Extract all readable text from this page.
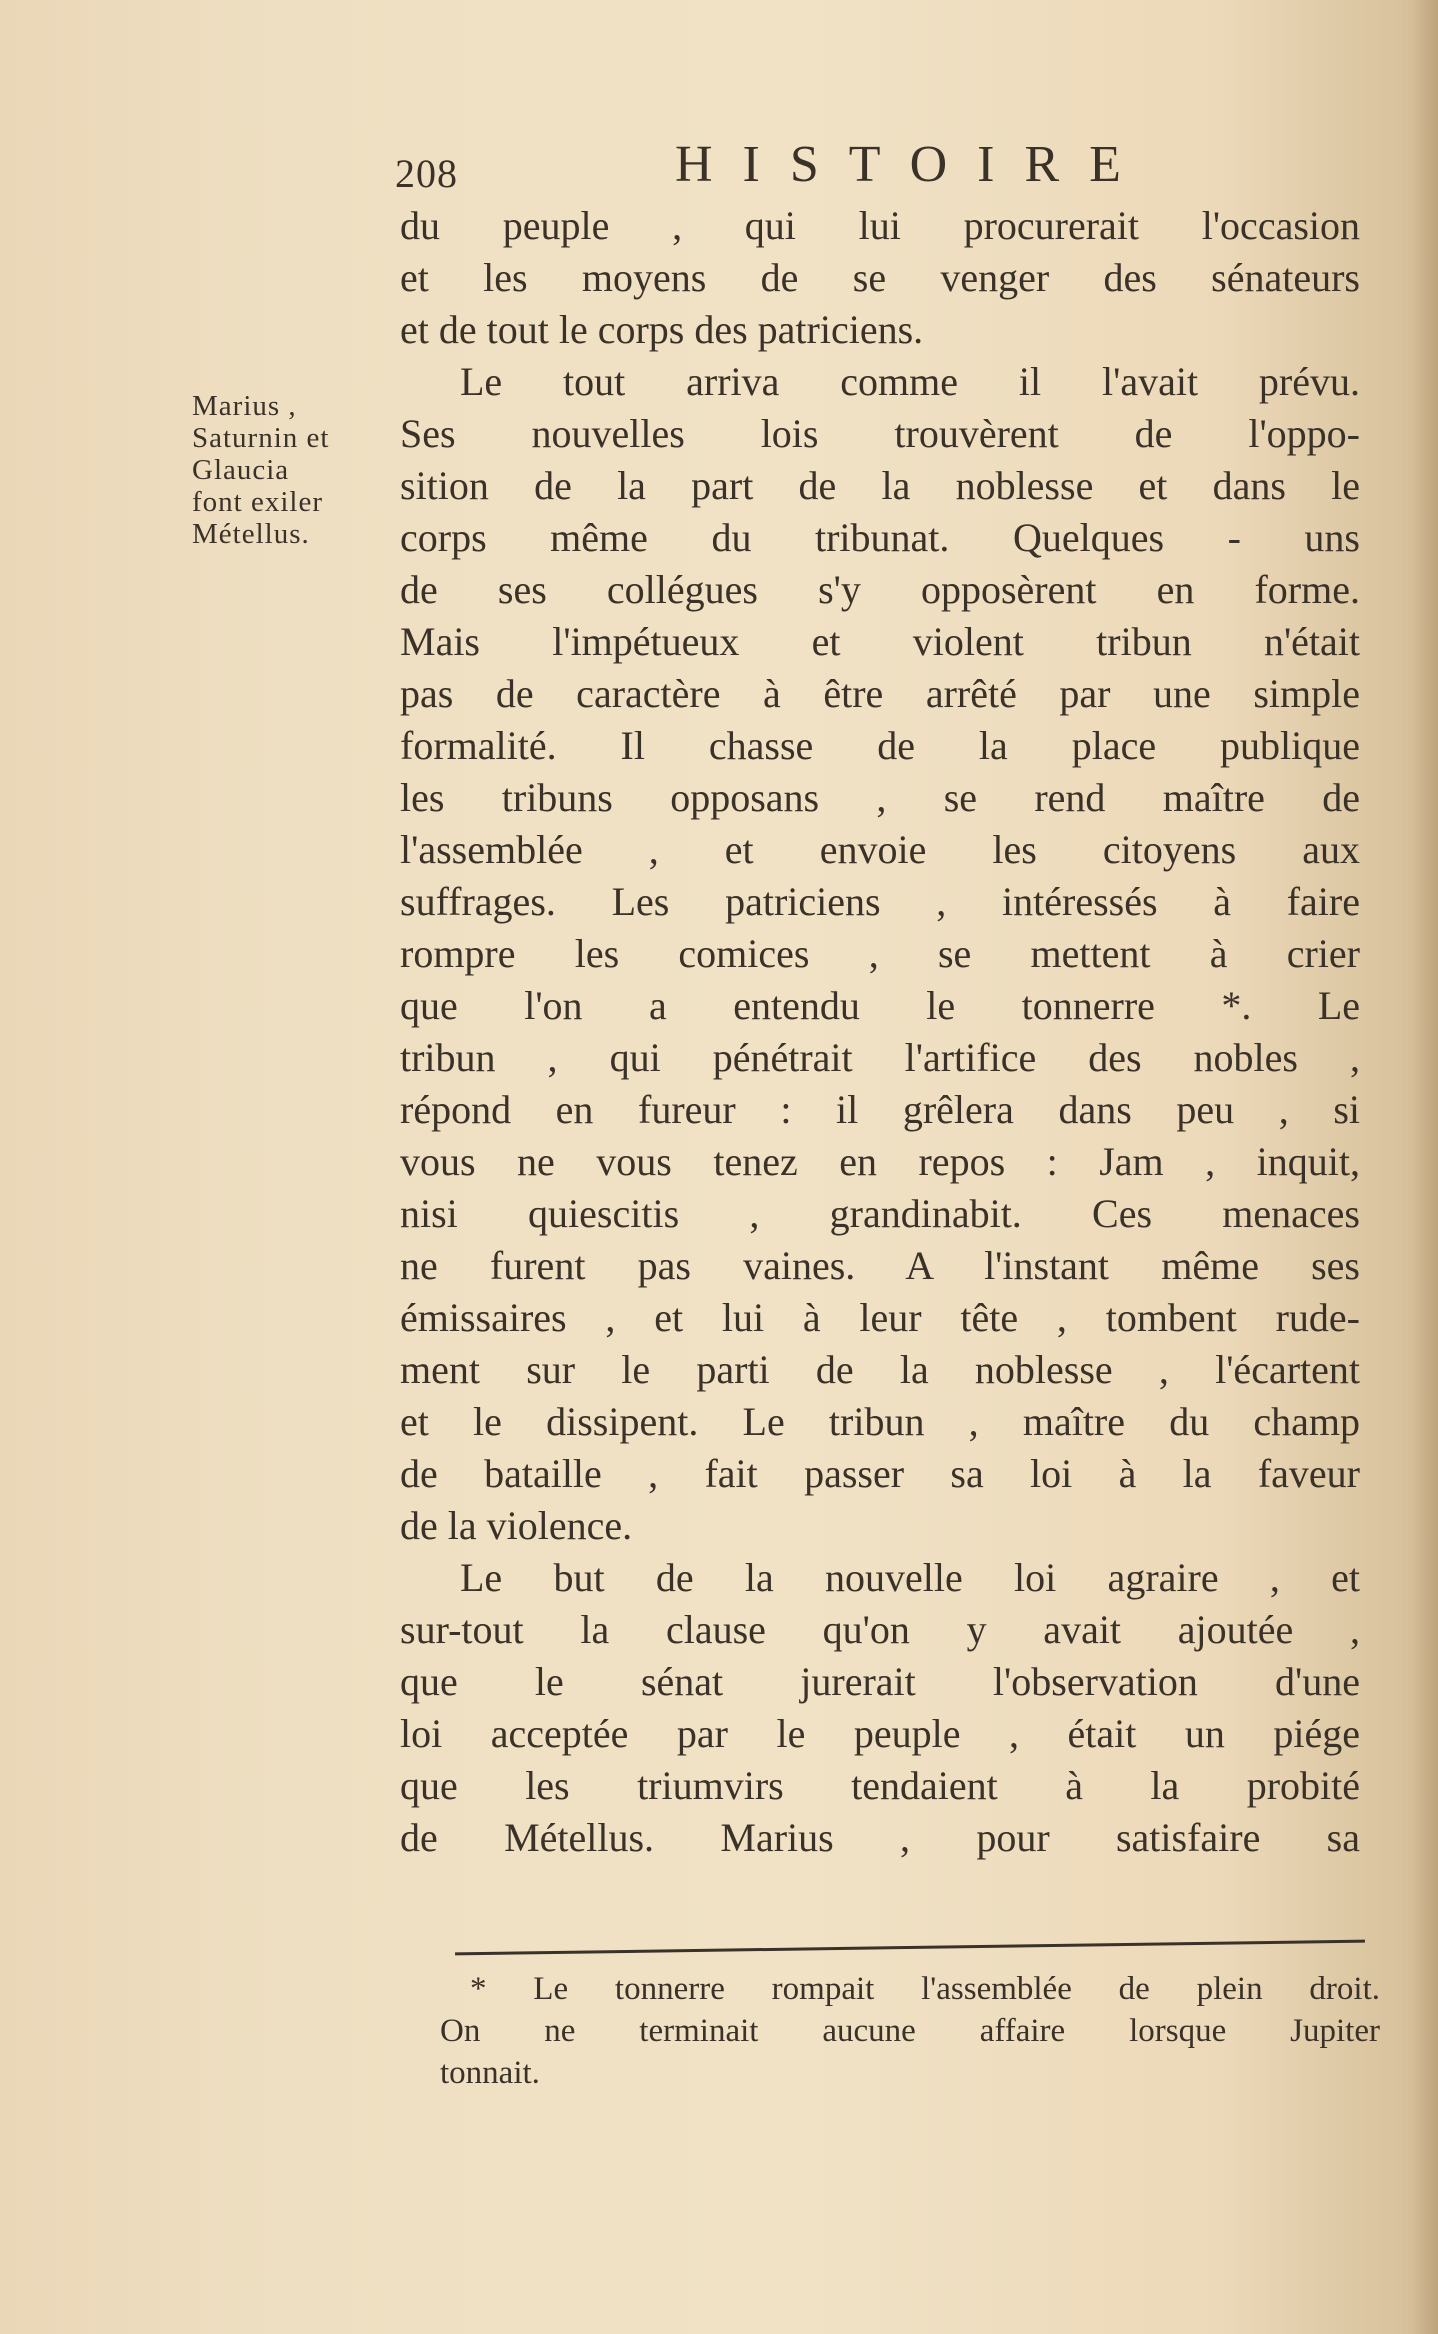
208	HISTOIRE
Marius ,
Saturnin et
Glaucia
font exiler
Métellus.
du peuple , qui lui procurerait l'occasion
et les moyens de se venger des sénateurs
et de tout le corps des patriciens.
Le tout arriva comme il l'avait prévu.
Ses nouvelles lois trouvèrent de l'oppo-
sition de la part de la noblesse et dans le
corps même du tribunat. Quelques - uns
de ses collégues s'y opposèrent en forme.
Mais l'impétueux et violent tribun n'était
pas de caractère à être arrêté par une simple
formalité. Il chasse de la place publique
les tribuns opposans , se rend maître de
l'assemblée , et envoie les citoyens aux
suffrages. Les patriciens , intéressés à faire
rompre les comices , se mettent à crier
que l'on a entendu le tonnerre *. Le
tribun , qui pénétrait l'artifice des nobles ,
répond en fureur : il grêlera dans peu , si
vous ne vous tenez en repos : Jam , inquit,
nisi quiescitis , grandinabit. Ces menaces
ne furent pas vaines. A l'instant même ses
émissaires , et lui à leur tête , tombent rude-
ment sur le parti de la noblesse , l'écartent
et le dissipent. Le tribun , maître du champ
de bataille , fait passer sa loi à la faveur
de la violence.
Le but de la nouvelle loi agraire , et
sur-tout la clause qu'on y avait ajoutée ,
que le sénat jurerait l'observation d'une
loi acceptée par le peuple , était un piége
que les triumvirs tendaient à la probité
de Métellus. Marius , pour satisfaire sa
* Le tonnerre rompait l'assemblée de plein droit.
On ne terminait aucune affaire lorsque Jupiter
tonnait.
